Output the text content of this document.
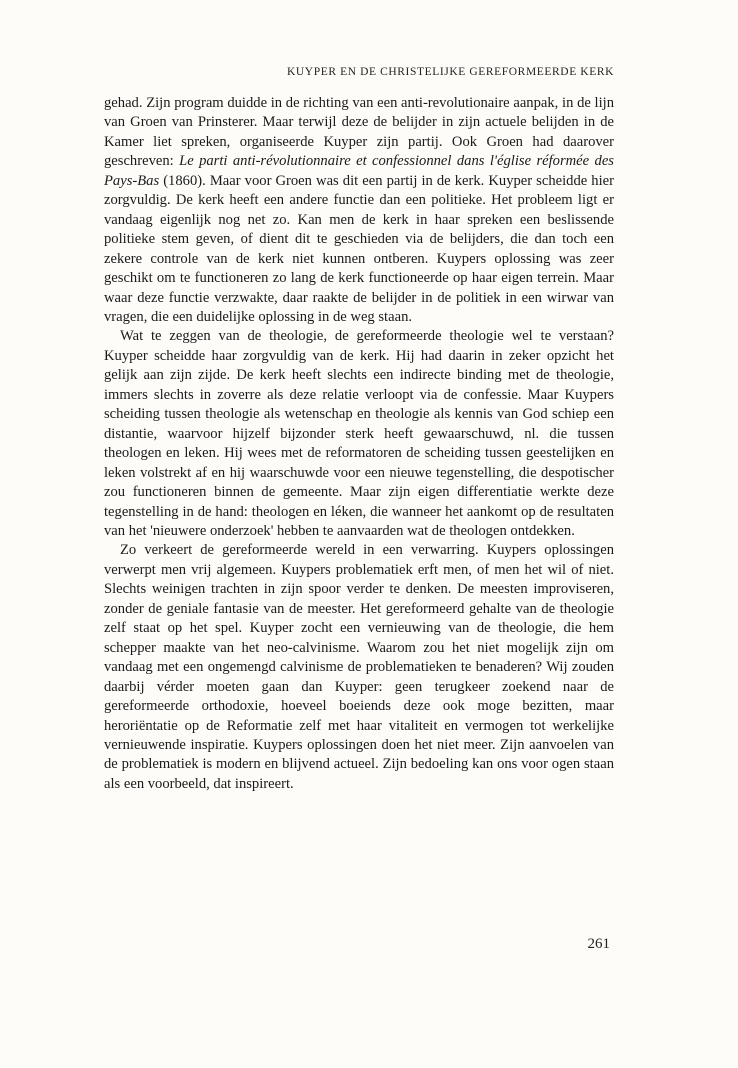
KUYPER EN DE CHRISTELIJKE GEREFORMEERDE KERK

gehad. Zijn program duidde in de richting van een anti-revolutionaire aanpak, in de lijn van Groen van Prinsterer. Maar terwijl deze de belijder in zijn actuele belijden in de Kamer liet spreken, organiseerde Kuyper zijn partij. Ook Groen had daarover geschreven: Le parti anti-révolutionnaire et confessionnel dans l'église réformée des Pays-Bas (1860). Maar voor Groen was dit een partij in de kerk. Kuyper scheidde hier zorgvuldig. De kerk heeft een andere functie dan een politieke. Het probleem ligt er vandaag eigenlijk nog net zo. Kan men de kerk in haar spreken een beslissende politieke stem geven, of dient dit te geschieden via de belijders, die dan toch een zekere controle van de kerk niet kunnen ontberen. Kuypers oplossing was zeer geschikt om te functioneren zo lang de kerk functioneerde op haar eigen terrein. Maar waar deze functie verzwakte, daar raakte de belijder in de politiek in een wirwar van vragen, die een duidelijke oplossing in de weg staan.

Wat te zeggen van de theologie, de gereformeerde theologie wel te verstaan? Kuyper scheidde haar zorgvuldig van de kerk. Hij had daarin in zeker opzicht het gelijk aan zijn zijde. De kerk heeft slechts een indirecte binding met de theologie, immers slechts in zoverre als deze relatie verloopt via de confessie. Maar Kuypers scheiding tussen theologie als wetenschap en theologie als kennis van God schiep een distantie, waarvoor hijzelf bijzonder sterk heeft gewaarschuwd, nl. die tussen theologen en leken. Hij wees met de reformatoren de scheiding tussen geestelijken en leken volstrekt af en hij waarschuwde voor een nieuwe tegenstelling, die despotischer zou functioneren binnen de gemeente. Maar zijn eigen differentiatie werkte deze tegenstelling in de hand: theologen en léken, die wanneer het aankomt op de resultaten van het 'nieuwere onderzoek' hebben te aanvaarden wat de theologen ontdekken.

Zo verkeert de gereformeerde wereld in een verwarring. Kuypers oplossingen verwerpt men vrij algemeen. Kuypers problematiek erft men, of men het wil of niet. Slechts weinigen trachten in zijn spoor verder te denken. De meesten improviseren, zonder de geniale fantasie van de meester. Het gereformeerd gehalte van de theologie zelf staat op het spel. Kuyper zocht een vernieuwing van de theologie, die hem schepper maakte van het neo-calvinisme. Waarom zou het niet mogelijk zijn om vandaag met een ongemengd calvinisme de problematieken te benaderen? Wij zouden daarbij vérder moeten gaan dan Kuyper: geen terugkeer zoekend naar de gereformeerde orthodoxie, hoeveel boeiends deze ook moge bezitten, maar heroriëntatie op de Reformatie zelf met haar vitaliteit en vermogen tot werkelijke vernieuwende inspiratie. Kuypers oplossingen doen het niet meer. Zijn aanvoelen van de problematiek is modern en blijvend actueel. Zijn bedoeling kan ons voor ogen staan als een voorbeeld, dat inspireert.

261
